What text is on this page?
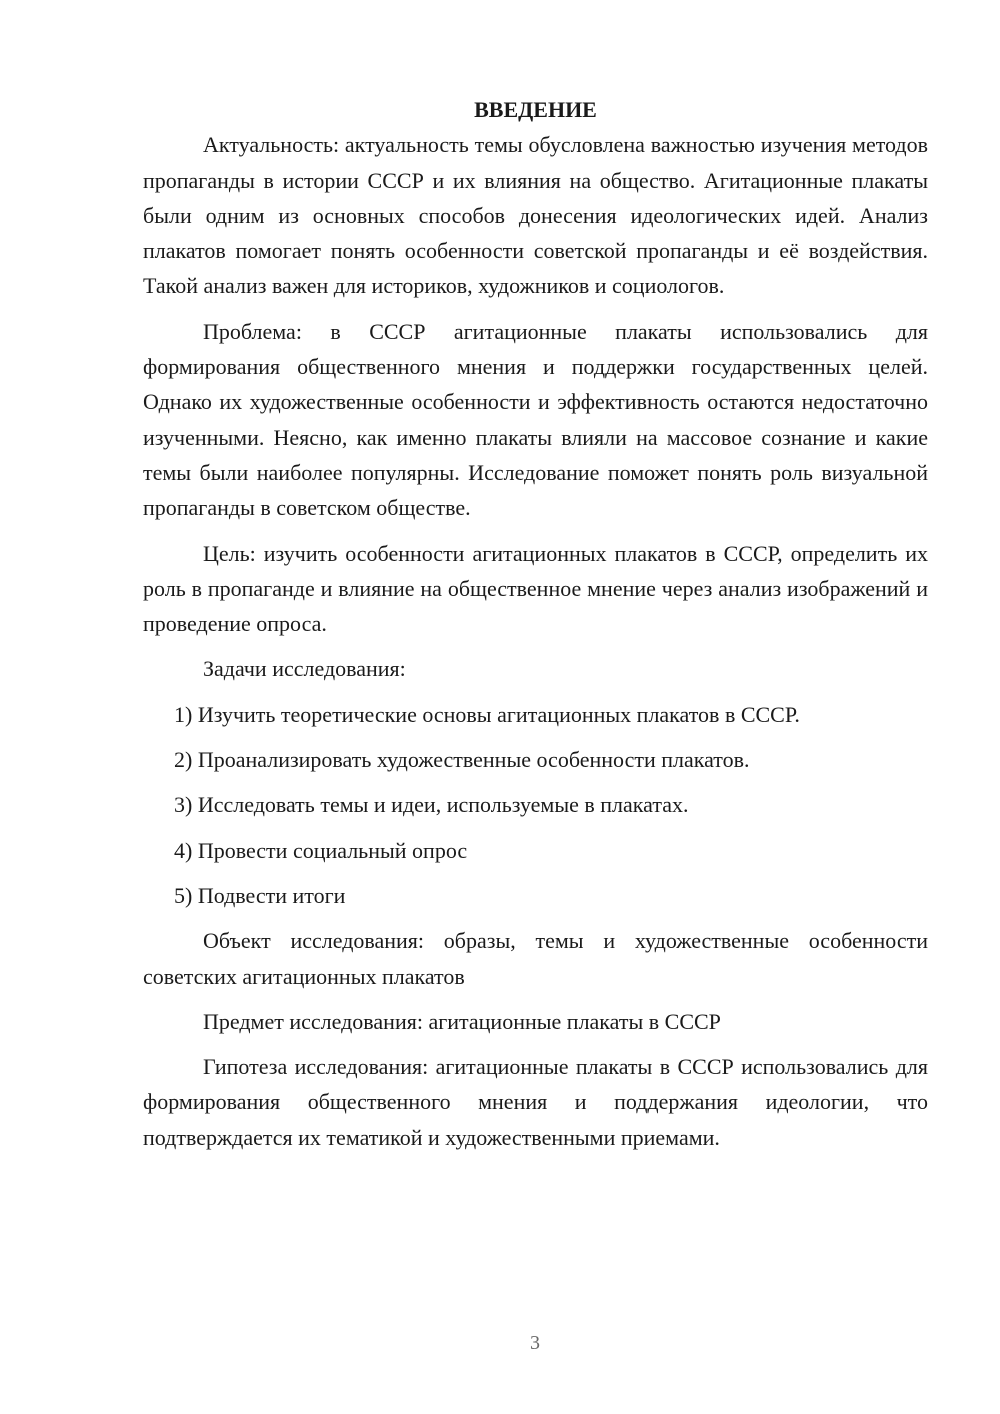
ВВЕДЕНИЕ

Актуальность: актуальность темы обусловлена важностью изучения методов пропаганды в истории СССР и их влияния на общество. Агитационные плакаты были одним из основных способов донесения идеологических идей. Анализ плакатов помогает понять особенности советской пропаганды и её воздействия. Такой анализ важен для историков, художников и социологов.

Проблема: в СССР агитационные плакаты использовались для формирования общественного мнения и поддержки государственных целей. Однако их художественные особенности и эффективность остаются недостаточно изученными. Неясно, как именно плакаты влияли на массовое сознание и какие темы были наиболее популярны. Исследование поможет понять роль визуальной пропаганды в советском обществе.

Цель: изучить особенности агитационных плакатов в СССР, определить их роль в пропаганде и влияние на общественное мнение через анализ изображений и проведение опроса.

Задачи исследования:

1) Изучить теоретические основы агитационных плакатов в СССР.

2) Проанализировать художественные особенности плакатов.

3) Исследовать темы и идеи, используемые в плакатах.

4) Провести социальный опрос

5) Подвести итоги

Объект исследования: образы, темы и художественные особенности советских агитационных плакатов

Предмет исследования: агитационные плакаты в СССР

Гипотеза исследования: агитационные плакаты в СССР использовались для формирования общественного мнения и поддержания идеологии, что подтверждается их тематикой и художественными приемами.

3
